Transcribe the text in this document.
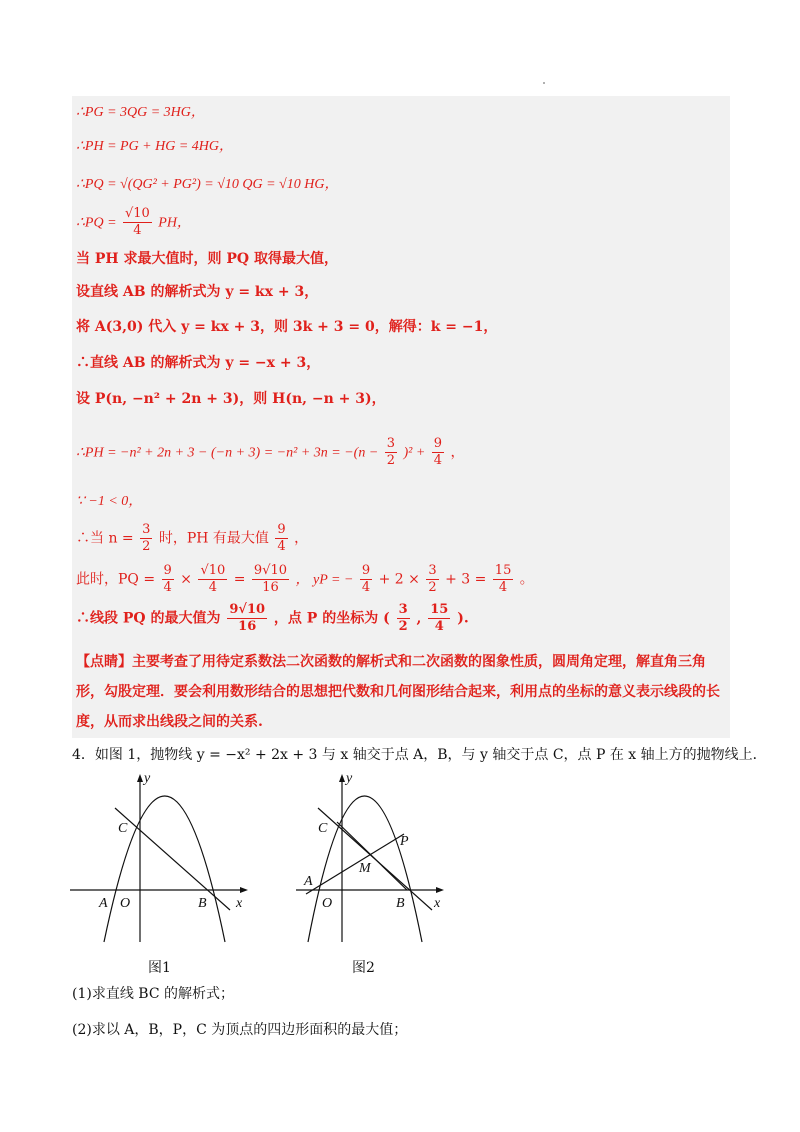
∴PG = 3QG = 3HG，
∴PH = PG + HG = 4HG，
∴PQ = √(QG² + PG²) = √10 QG = √10 HG，
∴PQ = $\frac{√10}{4}$ PH，
当 PH 求最大值时，则 PQ 取得最大值，
设直线 AB 的解析式为 y = kx + 3，
将 A(3,0) 代入 y = kx + 3，则 3k + 3 = 0，解得：k = −1，
∴直线 AB 的解析式为 y = −x + 3，
设 P(n, −n² + 2n + 3)，则 H(n, −n + 3)，
∴PH = $-n^2 + 2n + 3 - (-n + 3) = -n^2 + 3n = -(n - \frac{3}{2} )^2 + \frac{9}{4}$ ，
∵ −1 < 0，
∴当 $n = \frac{3}{2}$ 时，PH 有最大值 $\frac{9}{4}$ ，
此时，PQ = $\frac{9}{4} \times \frac{√10}{4} = \frac{9√10}{16}$ ， yP = − $\frac{9}{4} + 2 \times \frac{3}{2} + 3 = \frac{15}{4}$ 。
∴线段 PQ 的最大值为 $\frac{9√10}{16}$ ，点 P 的坐标为 ( $\frac{3}{2}$ , $\frac{15}{4}$ ).
【点睛】主要考查了用待定系数法二次函数的解析式和二次函数的图象性质，圆周角定理，解直角三角形，勾股定理．要会利用数形结合的思想把代数和几何图形结合起来，利用点的坐标的意义表示线段的长度，从而求出线段之间的关系.
4．如图 1，抛物线 y = −x² + 2x + 3 与 x 轴交于点 A，B，与 y 轴交于点 C，点 P 在 x 轴上方的抛物线上．
y
x
C
A O	B
图1
y
x
C
P
M
A
O	B
图2
(1)求直线 BC 的解析式；
(2)求以 A，B，P，C 为顶点的四边形面积的最大值；
